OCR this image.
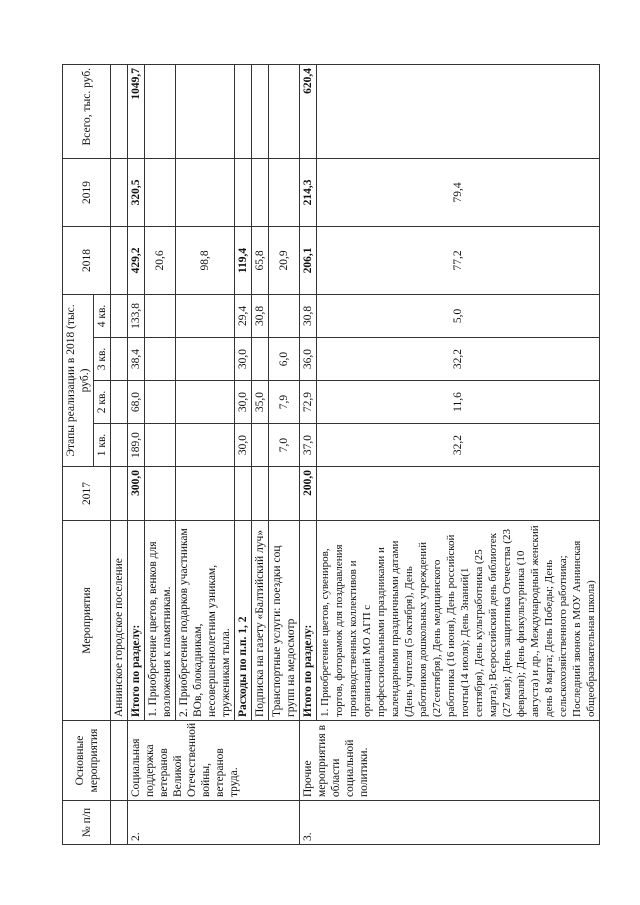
№ п/п	Основные мероприятия	Мероприятия	2017	Этапы реализации в 2018 (тыс. руб.)				2018	2019	Всего, тыс. руб.
				1 кв.	2 кв.	3 кв.	4 кв.			
		Аннинское городское поселение								
2.	Социальная поддержка ветеранов Великой Отечественной войны, ветеранов труда.	Итого по разделу:	300,0	189,0	68,0	38,4	133,8	429,2	320,5	1049,7
		1. Приобретение цветов, венков для возложения к памятникам.						20,6		
		2. Приобретение подарков участникам ВОв, блокадникам, несовершеннолетним узникам, труженикам тыла.						98,8		
		Расходы по п.п. 1, 2		30,0	30,0	30,0	29,4	119,4		
		Подписка на газету «Балтийский луч»			35,0		30,8	65,8		
		Транспортные услуги: поездки соц групп на медосмотр		7,0	7,9	6,0		20,9		
3.	Прочие мероприятия в области социальной политики.	Итого по разделу:	200,0	37,0	72,9	36,0	30,8	206,1	214,3	620,4
		1. Приобретение цветов, сувениров, тортов, фоторамок для поздравления производственных коллективов и организаций МО АГП с профессиональными праздниками и календарными праздничными датами (День учителя (5 октября), День работников дошкольных учреждений (27сентября), День медицинского работника (16 июня), День российской почты(14 июля); День Знаний(1 сентября), День культработника (25 марта); Всероссийский день библиотек (27 мая); День защитника Отечества (23 февраля); День физкультурника (10 августа) и др., Международный женский день 8 марта; День Победы; День сельскохозяйственного работника; Последний звонок в МОУ Аннинская общеобразовательная школа)		32,2	11,6	32,2	5,0	77,2	79,4	
